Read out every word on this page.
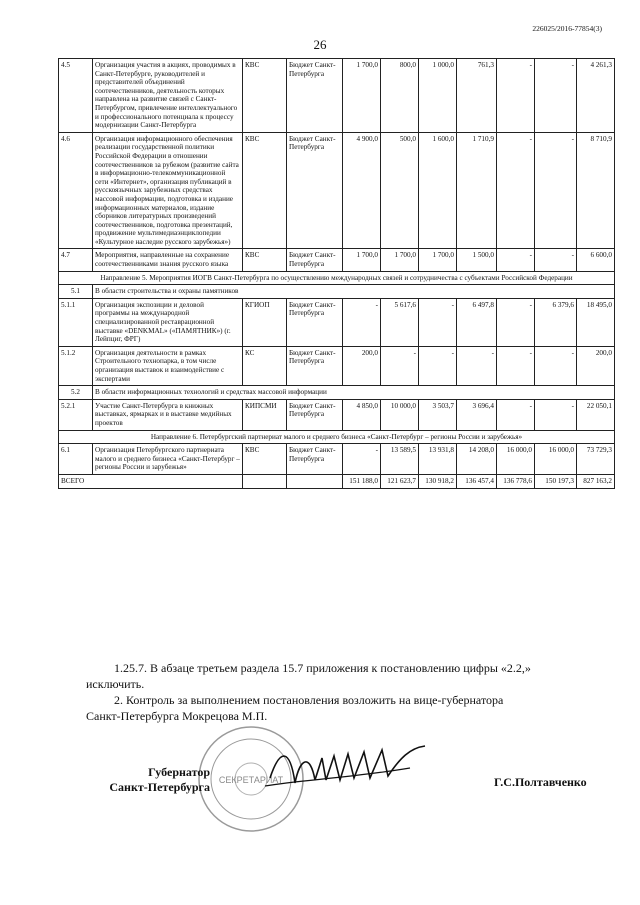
226025/2016-77854(3)
26
4.5	Организация участия в акциях, проводимых в Санкт-Петербурге, руководителей и представителей объединений соотечественников, деятельность которых направлена на развитие связей с Санкт-Петербургом, привлечение интеллектуального и профессионального потенциала к процессу модернизации Санкт-Петербурга	КВС	Бюджет Санкт-Петербурга	1 700,0	800,0	1 000,0	761,3	-	-	4 261,3
4.6	Организация информационного обеспечения реализации государственной политики Российской Федерации в отношении соотечественников за рубежом (развитие сайта в информационно-телекоммуникационной сети «Интернет», организация публикаций в русскоязычных зарубежных средствах массовой информации, подготовка и издание информационных материалов, издание сборников литературных произведений соотечественников, подготовка презентаций, продвижение мультимедиаэнциклопедии «Культурное наследие русского зарубежья»)	КВС	Бюджет Санкт-Петербурга	4 900,0	500,0	1 600,0	1 710,9	-	-	8 710,9
4.7	Мероприятия, направленные на сохранение соотечественниками знания русского языка	КВС	Бюджет Санкт-Петербурга	1 700,0	1 700,0	1 700,0	1 500,0	-	-	6 600,0
Направление 5. Мероприятия ИОГВ Санкт-Петербурга по осуществлению международных связей и сотрудничества с субъектами Российской Федерации										
5.1	В области строительства и охраны памятников									
5.1.1	Организация экспозиции и деловой программы на международной специализированной реставрационной выставке «DENKMAL» («ПАМЯТНИК») (г. Лейпциг, ФРГ)	КГИОП	Бюджет Санкт-Петербурга	-	5 617,6	-	6 497,8	-	6 379,6	18 495,0
5.1.2	Организация деятельности в рамках Строительного технопарка, в том числе организация выставок и взаимодействие с экспертами	КС	Бюджет Санкт-Петербурга	200,0	-	-	-	-	-	200,0
5.2	В области информационных технологий и средствах массовой информации									
5.2.1	Участие Санкт-Петербурга в книжных выставках, ярмарках и в выставке медийных проектов	КИПСМИ	Бюджет Санкт-Петербурга	4 850,0	10 000,0	3 503,7	3 696,4	-	-	22 050,1
Направление 6. Петербургский партнериат малого и среднего бизнеса «Санкт-Петербург – регионы России и зарубежья»										
6.1	Организация Петербургского партнериата малого и среднего бизнеса «Санкт-Петербург – регионы России и зарубежья»	КВС	Бюджет Санкт-Петербурга	-	13 589,5	13 931,8	14 208,0	16 000,0	16 000,0	73 729,3
ВСЕГО				151 188,0	121 623,7	130 918,2	136 457,4	136 778,6	150 197,3	827 163,2
1.25.7. В абзаце третьем раздела 15.7 приложения к постановлению цифры «2.2,»
исключить.
2. Контроль за выполнением постановления возложить на вице-губернатора
Санкт-Петербурга Мокрецова М.П.
СЕКРЕТАРИАТ
Губернатор
Санкт-Петербурга	Г.С.Полтавченко
